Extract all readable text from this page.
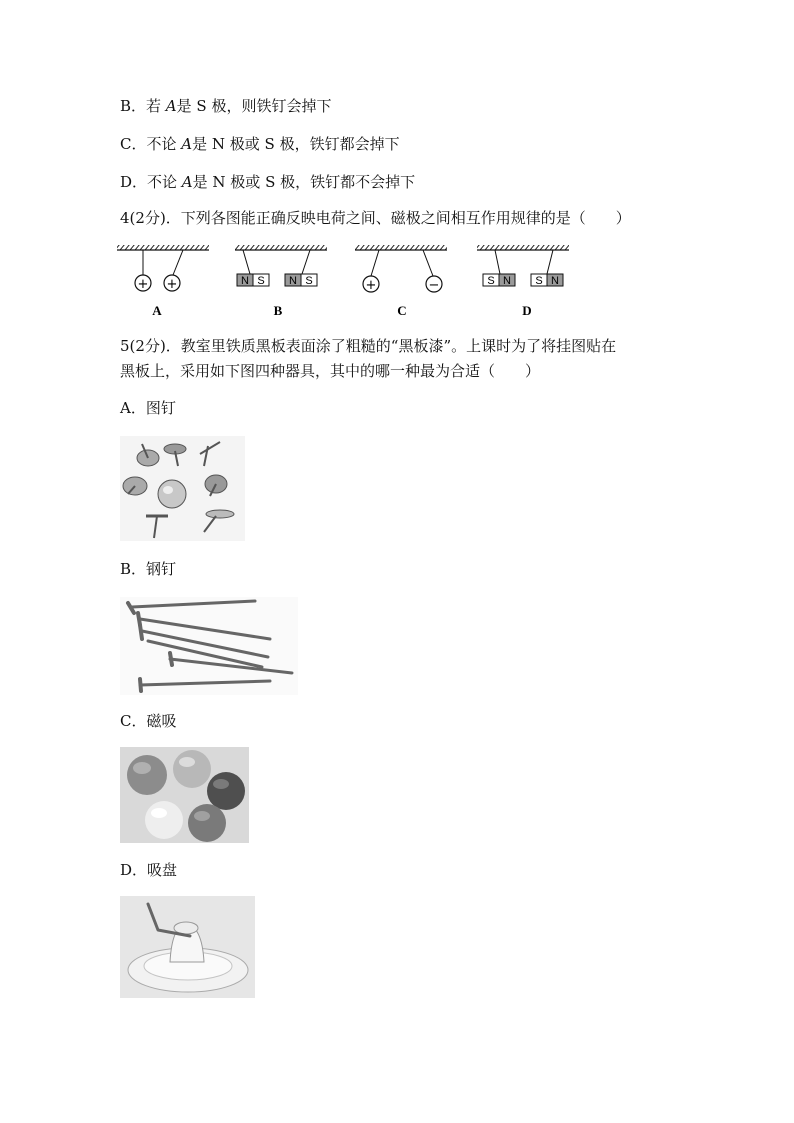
B．若 A是 S 极，则铁钉会掉下
C．不论 A是 N 极或 S 极，铁钉都会掉下
D．不论 A是 N 极或 S 极，铁钉都不会掉下
4(2分)．下列各图能正确反映电荷之间、磁极之间相互作用规律的是（　　）
+ +	N S N S	+	−	S N S N
A	B	C	D
5(2分)．教室里铁质黑板表面涂了粗糙的“黑板漆”。上课时为了将挂图贴在
黑板上，采用如下图四种器具，其中的哪一种最为合适（　　）
A．图钉
B．钢钉
C．磁吸
D．吸盘
